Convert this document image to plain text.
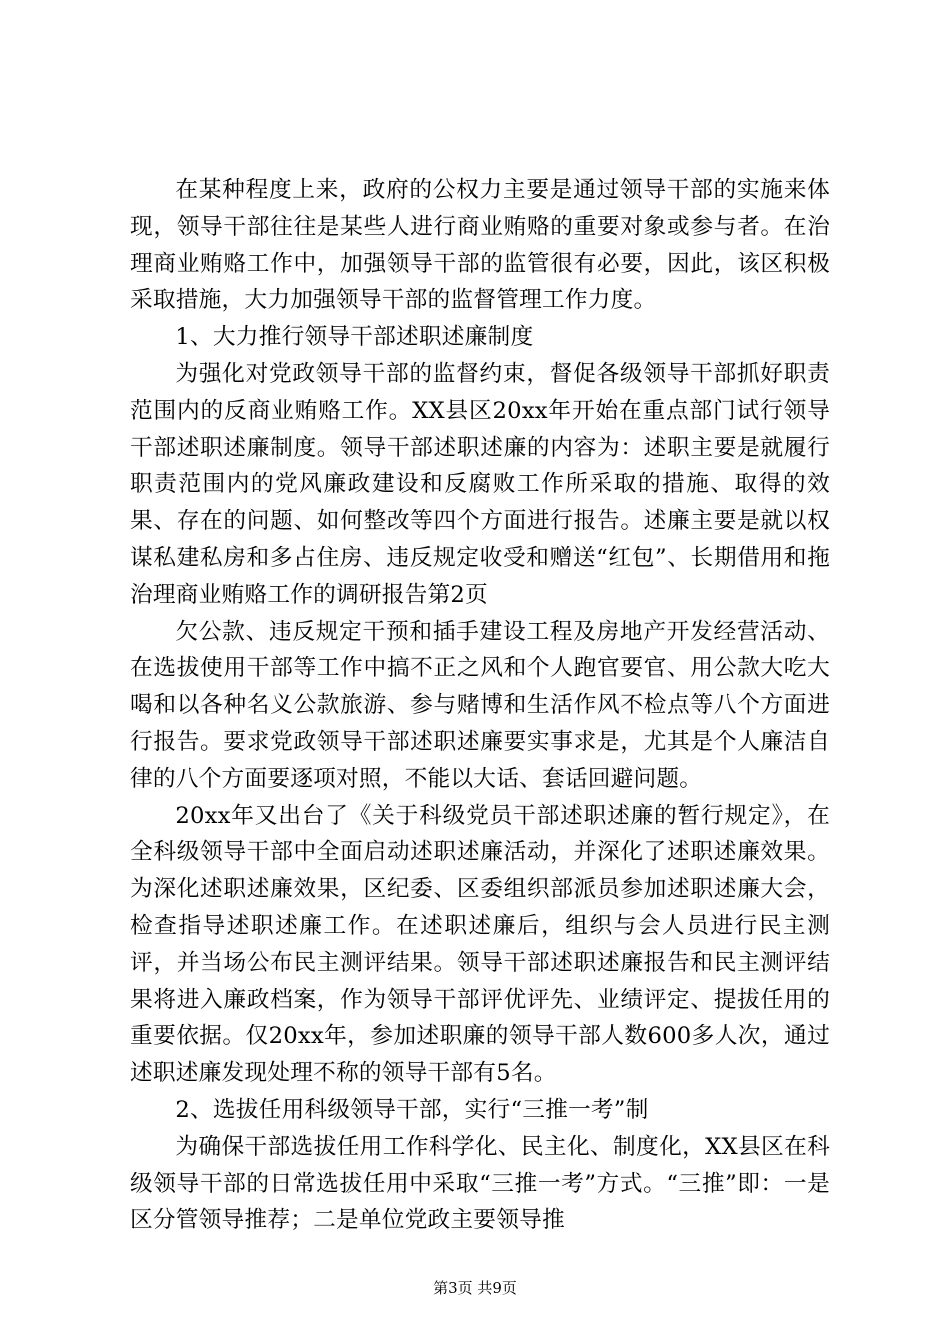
在某种程度上来，政府的公权力主要是通过领导干部的实施来体现，领导干部往往是某些人进行商业贿赂的重要对象或参与者。在治理商业贿赂工作中，加强领导干部的监管很有必要，因此，该区积极采取措施，大力加强领导干部的监督管理工作力度。

1、大力推行领导干部述职述廉制度

为强化对党政领导干部的监督约束，督促各级领导干部抓好职责范围内的反商业贿赂工作。XX县区20xx年开始在重点部门试行领导干部述职述廉制度。领导干部述职述廉的内容为：述职主要是就履行职责范围内的党风廉政建设和反腐败工作所采取的措施、取得的效果、存在的问题、如何整改等四个方面进行报告。述廉主要是就以权谋私建私房和多占住房、违反规定收受和赠送“红包”、长期借用和拖治理商业贿赂工作的调研报告第2页

欠公款、违反规定干预和插手建设工程及房地产开发经营活动、在选拔使用干部等工作中搞不正之风和个人跑官要官、用公款大吃大喝和以各种名义公款旅游、参与赌博和生活作风不检点等八个方面进行报告。要求党政领导干部述职述廉要实事求是，尤其是个人廉洁自律的八个方面要逐项对照，不能以大话、套话回避问题。

20xx年又出台了《关于科级党员干部述职述廉的暂行规定》，在全科级领导干部中全面启动述职述廉活动，并深化了述职述廉效果。为深化述职述廉效果，区纪委、区委组织部派员参加述职述廉大会，检查指导述职述廉工作。在述职述廉后，组织与会人员进行民主测评，并当场公布民主测评结果。领导干部述职述廉报告和民主测评结果将进入廉政档案，作为领导干部评优评先、业绩评定、提拔任用的重要依据。仅20xx年，参加述职廉的领导干部人数600多人次，通过述职述廉发现处理不称的领导干部有5名。

2、选拔任用科级领导干部，实行“三推一考”制

为确保干部选拔任用工作科学化、民主化、制度化，XX县区在科级领导干部的日常选拔任用中采取“三推一考”方式。“三推”即：一是区分管领导推荐；二是单位党政主要领导推

第3页 共9页
